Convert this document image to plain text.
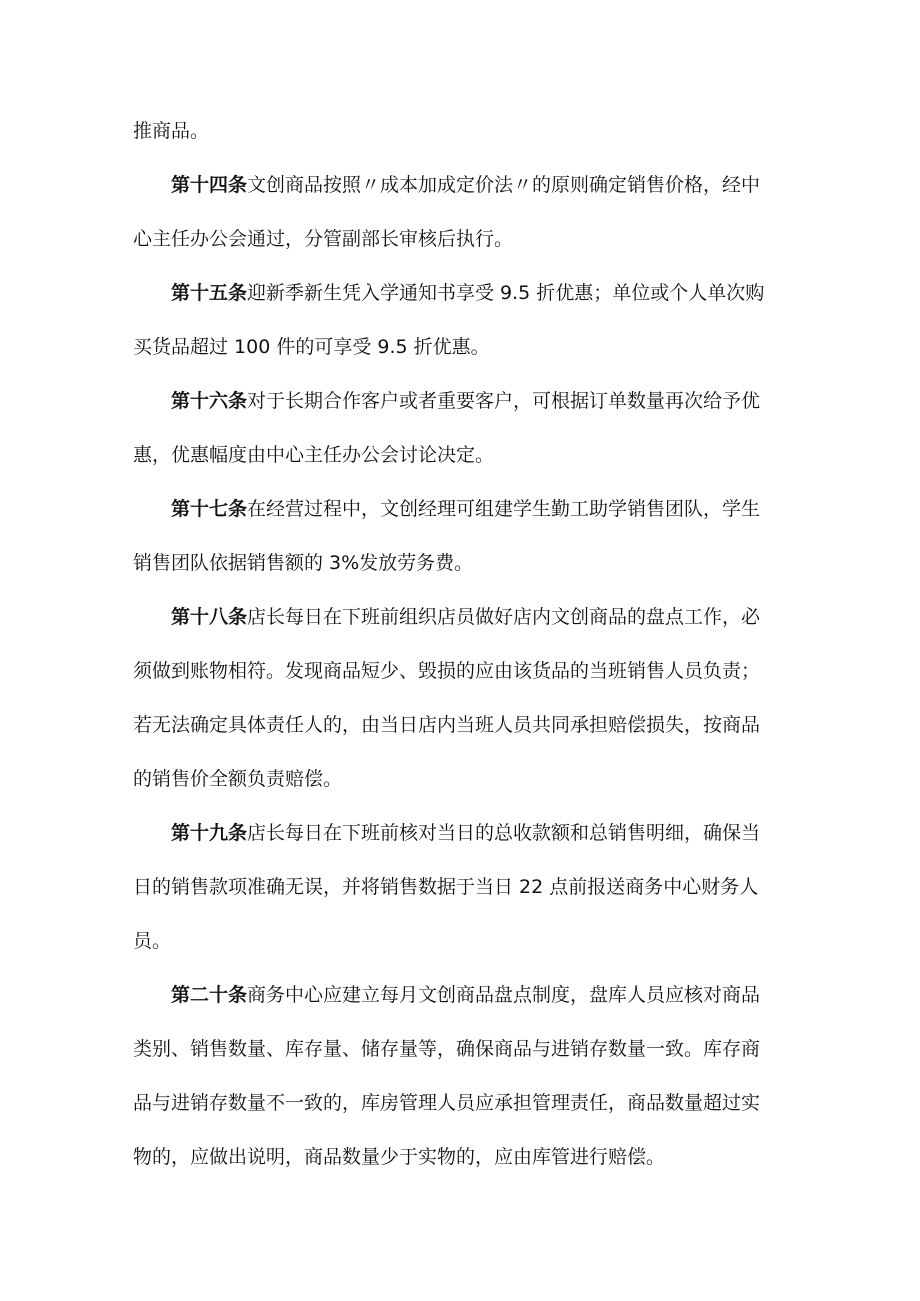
推商品。
第十四条文创商品按照〃成本加成定价法〃的原则确定销售价格，经中
心主任办公会通过，分管副部长审核后执行。
第十五条迎新季新生凭入学通知书享受 9.5 折优惠；单位或个人单次购
买货品超过 100 件的可享受 9.5 折优惠。
第十六条对于长期合作客户或者重要客户，可根据订单数量再次给予优
惠，优惠幅度由中心主任办公会讨论决定。
第十七条在经营过程中，文创经理可组建学生勤工助学销售团队，学生
销售团队依据销售额的 3%发放劳务费。
第十八条店长每日在下班前组织店员做好店内文创商品的盘点工作，必
须做到账物相符。发现商品短少、毁损的应由该货品的当班销售人员负责；
若无法确定具体责任人的，由当日店内当班人员共同承担赔偿损失，按商品
的销售价全额负责赔偿。
第十九条店长每日在下班前核对当日的总收款额和总销售明细，确保当
日的销售款项准确无误，并将销售数据于当日 22 点前报送商务中心财务人
员。
第二十条商务中心应建立每月文创商品盘点制度，盘库人员应核对商品
类别、销售数量、库存量、储存量等，确保商品与进销存数量一致。库存商
品与进销存数量不一致的，库房管理人员应承担管理责任，商品数量超过实
物的，应做出说明，商品数量少于实物的，应由库管进行赔偿。
